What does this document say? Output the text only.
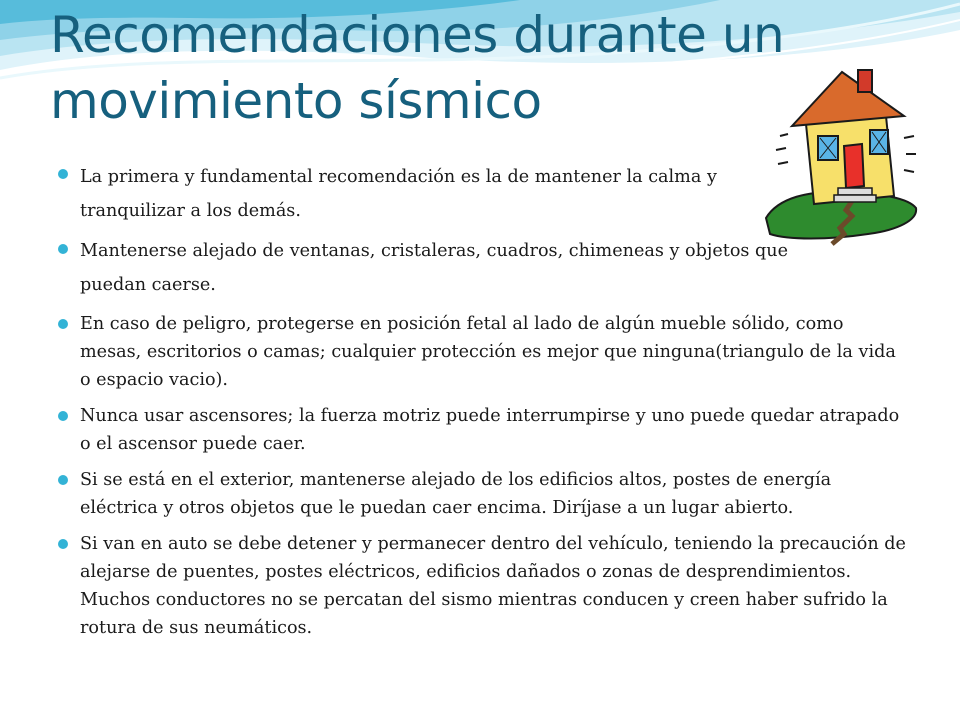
Recomendaciones durante un movimiento sísmico
La primera y fundamental recomendación es la de mantener la calma y tranquilizar a los demás.
Mantenerse alejado de ventanas, cristaleras, cuadros, chimeneas y objetos que puedan caerse.
En caso de peligro, protegerse en posición fetal al lado de algún mueble sólido, como mesas, escritorios o camas; cualquier protección es mejor que ninguna(triangulo de la vida o espacio vacio).
Nunca usar ascensores; la fuerza motriz puede interrumpirse y uno puede quedar atrapado o el ascensor puede caer.
Si se está en el exterior, mantenerse alejado de los edificios altos, postes de energía eléctrica y otros objetos que le puedan caer encima. Diríjase a un lugar abierto.
Si van en auto se debe detener y permanecer dentro del vehículo, teniendo la precaución de alejarse de puentes, postes eléctricos, edificios dañados o zonas de desprendimientos. Muchos conductores no se percatan del sismo mientras conducen y creen haber sufrido la rotura de sus neumáticos.
